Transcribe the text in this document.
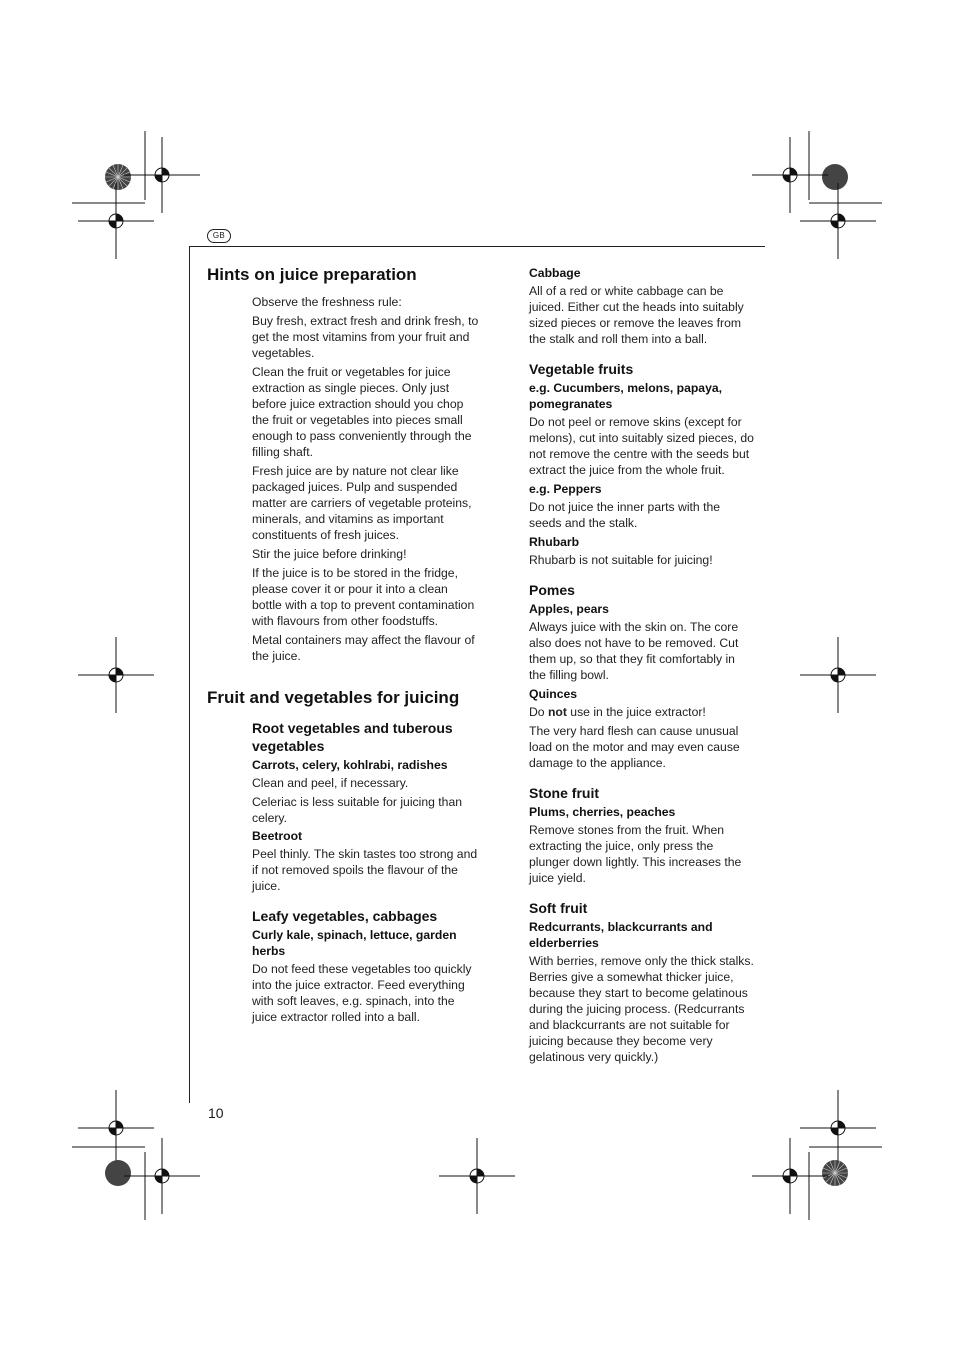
GB
Hints on juice preparation

Observe the freshness rule:

Buy fresh, extract fresh and drink fresh, to get the most vitamins from your fruit and vegetables.

Clean the fruit or vegetables for juice extraction as single pieces. Only just before juice extraction should you chop the fruit or vegetables into pieces small enough to pass conveniently through the filling shaft.

Fresh juice are by nature not clear like packaged juices. Pulp and suspended matter are carriers of vegetable proteins, minerals, and vitamins as important constituents of fresh juices.

Stir the juice before drinking!

If the juice is to be stored in the fridge, please cover it or pour it into a clean bottle with a top to prevent contamination with flavours from other foodstuffs.

Metal containers may affect the flavour of the juice.

Fruit and vegetables for juicing
Root vegetables and tuberous vegetables
Carrots, celery, kohlrabi, radishes

Clean and peel, if necessary.

Celeriac is less suitable for juicing than celery.

Beetroot

Peel thinly. The skin tastes too strong and if not removed spoils the flavour of the juice.

Leafy vegetables, cabbages
Curly kale, spinach, lettuce, garden herbs

Do not feed these vegetables too quickly into the juice extractor. Feed everything with soft leaves, e.g. spinach, into the juice extractor rolled into a ball.

Cabbage

All of a red or white cabbage can be juiced. Either cut the heads into suitably sized pieces or remove the leaves from the stalk and roll them into a ball.

Vegetable fruits
e.g. Cucumbers, melons, papaya, pomegranates

Do not peel or remove skins (except for melons), cut into suitably sized pieces, do not remove the centre with the seeds but extract the juice from the whole fruit.

e.g. Peppers

Do not juice the inner parts with the seeds and the stalk.

Rhubarb

Rhubarb is not suitable for juicing!

Pomes
Apples, pears

Always juice with the skin on. The core also does not have to be removed. Cut them up, so that they fit comfortably in the filling bowl.

Quinces

Do not use in the juice extractor!

The very hard flesh can cause unusual load on the motor and may even cause damage to the appliance.

Stone fruit
Plums, cherries, peaches

Remove stones from the fruit. When extracting the juice, only press the plunger down lightly. This increases the juice yield.

Soft fruit
Redcurrants, blackcurrants and elderberries

With berries, remove only the thick stalks. Berries give a somewhat thicker juice, because they start to become gelatinous during the juicing process. (Redcurrants and blackcurrants are not suitable for juicing because they become very gelatinous very quickly.)

10
